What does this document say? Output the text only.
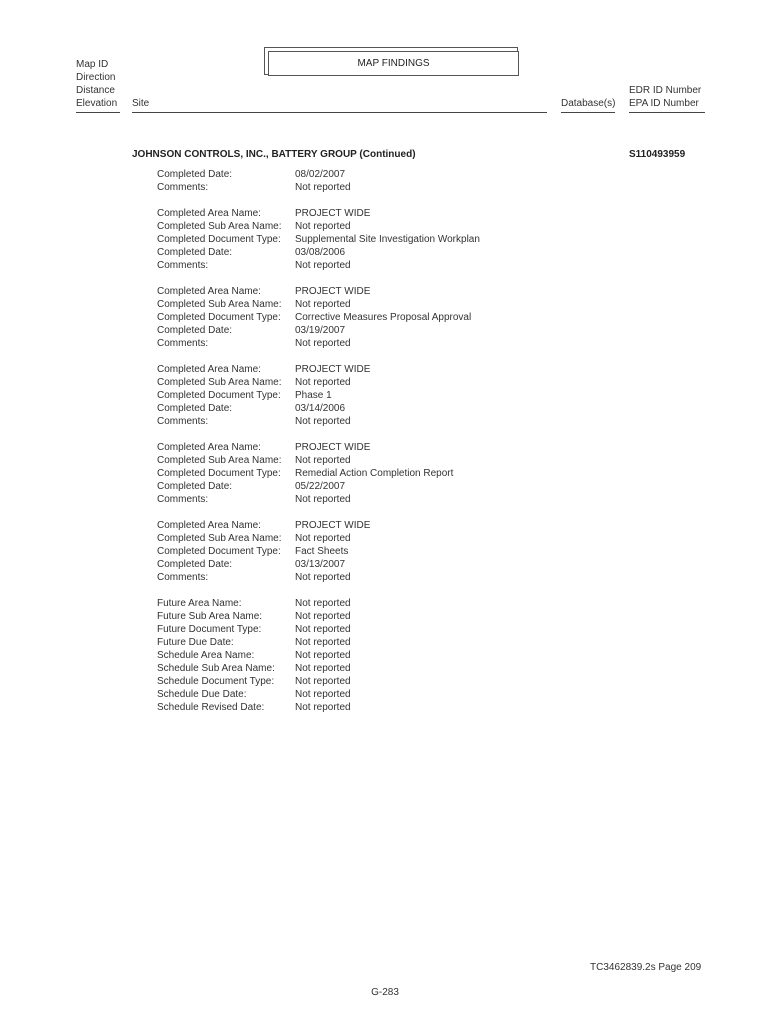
MAP FINDINGS
Map ID
Direction
Distance
Elevation Site	Database(s)
EDR ID Number
EPA ID Number
JOHNSON CONTROLS, INC., BATTERY GROUP (Continued)	S110493959
Completed Date:	08/02/2007
Comments:	Not reported
Completed Area Name:	PROJECT WIDE
Completed Sub Area Name: Not reported
Completed Document Type: Supplemental Site Investigation Workplan
Completed Date:	03/08/2006
Comments:	Not reported
Completed Area Name:	PROJECT WIDE
Completed Sub Area Name: Not reported
Completed Document Type: Corrective Measures Proposal Approval
Completed Date:	03/19/2007
Comments:	Not reported
Completed Area Name:	PROJECT WIDE
Completed Sub Area Name: Not reported
Completed Document Type: Phase 1
Completed Date:	03/14/2006
Comments:	Not reported
Completed Area Name:	PROJECT WIDE
Completed Sub Area Name: Not reported
Completed Document Type: Remedial Action Completion Report
Completed Date:	05/22/2007
Comments:	Not reported
Completed Area Name:	PROJECT WIDE
Completed Sub Area Name: Not reported
Completed Document Type: Fact Sheets
Completed Date:	03/13/2007
Comments:	Not reported
Future Area Name:	Not reported
Future Sub Area Name:	Not reported
Future Document Type:	Not reported
Future Due Date:	Not reported
Schedule Area Name:	Not reported
Schedule Sub Area Name: Not reported
Schedule Document Type: Not reported
Schedule Due Date:	Not reported
Schedule Revised Date:	Not reported
TC3462839.2s Page 209
G-283
